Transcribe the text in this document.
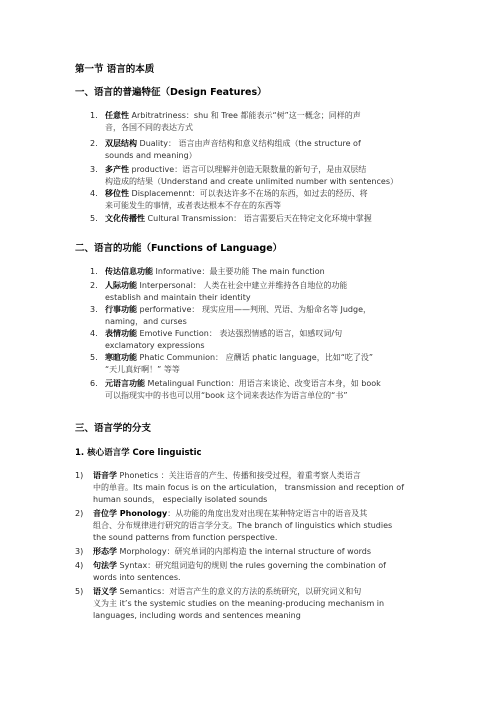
第一节 语言的本质
一、语言的普遍特征（Design Features）
1. 任意性 Arbitratriness：shu 和 Tree 都能表示“树”这一概念；同样的声
音，各国不同的表达方式
2. 双层结构 Duality： 语言由声音结构和意义结构组成（the structure of
sounds and meaning）
3. 多产性 productive：语言可以理解并创造无限数量的新句子，是由双层结
构造成的结果（Understand and create unlimited number with sentences）
4. 移位性 Displacemennt：可以表达许多不在场的东西，如过去的经历、将
来可能发生的事情，或者表达根本不存在的东西等
5. 文化传播性 Cultural Transmission： 语言需要后天在特定文化环境中掌握
二、语言的功能（Functions of Language）
1. 传达信息功能 Informative：最主要功能 The main function
2. 人际功能 Interpersonal： 人类在社会中建立并维持各自地位的功能
establish and maintain their identity
3. 行事功能 performative： 现实应用——判刑、咒语、为船命名等 Judge，
naming，and curses
4. 表情功能 Emotive Function： 表达强烈情感的语言，如感叹词/句
exclamatory expressions
5. 寒暄功能 Phatic Communion： 应酬话 phatic language，比如“吃了没”
“天儿真好啊！” 等等
6. 元语言功能 Metalingual Function：用语言来谈论、改变语言本身，如 book
可以指现实中的书也可以用“book 这个词来表达作为语言单位的“书”
三、语言学的分支
1. 核心语言学 Core linguistic
1) 语音学 Phonetics ：关注语音的产生、传播和接受过程，着重考察人类语言
中的单音。Its main focus is on the articulation， transmission and reception of
human sounds， especially isolated sounds
2) 音位学 Phonology：从功能的角度出发对出现在某种特定语言中的语音及其
组合、分布规律进行研究的语言学分支。The branch of linguistics which studies
the sound patterns from function perspective.
3) 形态学 Morphology：研究单词的内部构造 the internal structure of words
4) 句法学 Syntax：研究组词造句的规则 the rules governing the combination of
words into sentences.
5) 语义学 Semantics：对语言产生的意义的方法的系统研究，以研究词义和句
义为主 it’s the systemic studies on the meaning-producing mechanism in
languages, including words and sentences meaning
